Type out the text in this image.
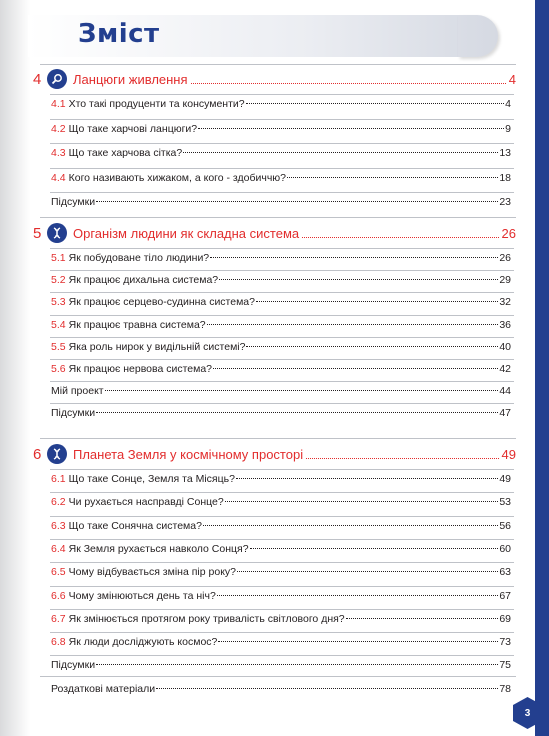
Зміст
4	Ланцюги живлення	4
4.1 Хто такі продуценти та консументи?	4
4.2 Що таке харчові ланцюги?	9
4.3 Що таке харчова сітка?	13
4.4 Кого називають хижаком, а кого - здобиччю?	18
Підсумки	23
5	Організм людини як складна система	26
5.1 Як побудоване тіло людини?	26
5.2 Як працює дихальна система?	29
5.3 Як працює серцево-судинна система?	32
5.4 Як працює травна система?	36
5.5 Яка роль нирок у видільній системі?	40
5.6 Як працює нервова система?	42
Мій проект	44
Підсумки	47
6	Планета Земля у космічному просторі	49
6.1 Що таке Сонце, Земля та Місяць?	49
6.2 Чи рухається насправді Сонце?	53
6.3 Що таке Сонячна система?	56
6.4 Як Земля рухається навколо Сонця?	60
6.5 Чому відбувається зміна пір року?	63
6.6 Чому змінюються день та ніч?	67
6.7 Як змінюється протягом року тривалість світлового дня?	69
6.8 Як люди досліджують космос?	73
Підсумки	75
Роздаткові матеріали	78
3
